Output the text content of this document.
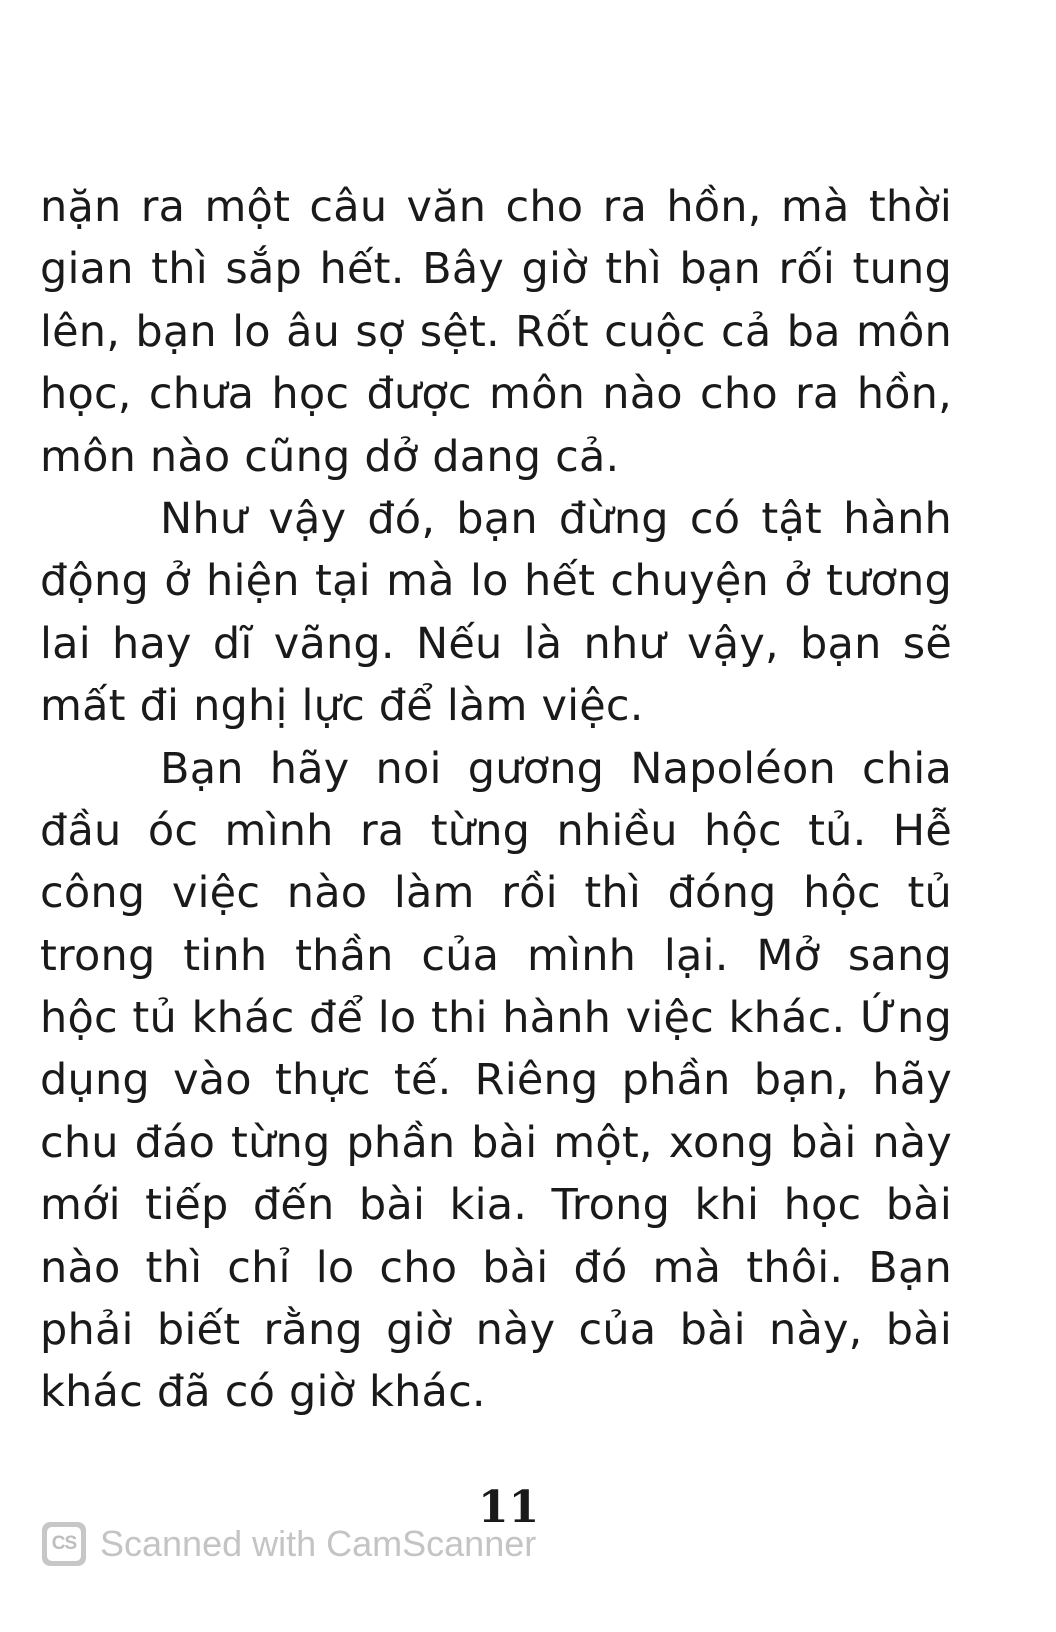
nặn ra một câu văn cho ra hồn, mà thời
gian thì sắp hết. Bây giờ thì bạn rối tung
lên, bạn lo âu sợ sệt. Rốt cuộc cả ba môn
học, chưa học được môn nào cho ra hồn,
môn nào cũng dở dang cả.
Như vậy đó, bạn đừng có tật hành
động ở hiện tại mà lo hết chuyện ở tương
lai hay dĩ vãng. Nếu là như vậy, bạn sẽ
mất đi nghị lực để làm việc.
Bạn hãy noi gương Napoléon chia
đầu óc mình ra từng nhiều hộc tủ. Hễ
công việc nào làm rồi thì đóng hộc tủ
trong tinh thần của mình lại. Mở sang
hộc tủ khác để lo thi hành việc khác. Ứng
dụng vào thực tế. Riêng phần bạn, hãy
chu đáo từng phần bài một, xong bài này
mới tiếp đến bài kia. Trong khi học bài
nào thì chỉ lo cho bài đó mà thôi. Bạn
phải biết rằng giờ này của bài này, bài
khác đã có giờ khác.
11
CS Scanned with CamScanner
